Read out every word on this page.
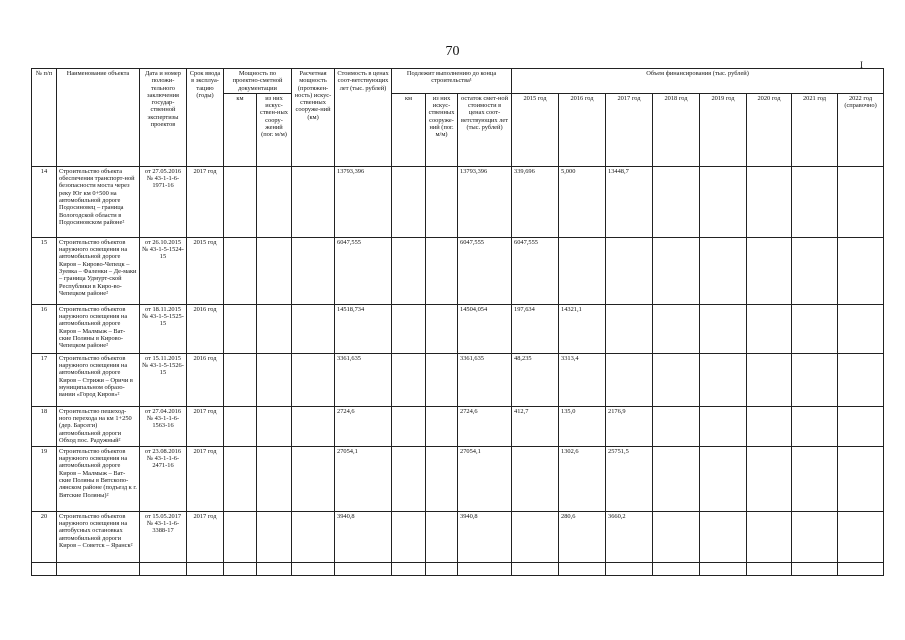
70
I
№ п/п	Наименование объекта	Дата и номер положи-тельного заключения государ-ственной экспертизы проектов	Срок ввода в эксплуа-тацию (годы)	Мощность по проектно-сметной документации		Расчетная мощность (протяжен-ность) искус-ственных сооруже-ний (км)	Стоимость в ценах соот-ветствующих лет (тыс. рублей)	Подлежит выполнению до конца строительства¹			Объем финансирования (тыс. рублей)							
				км	из них искус-ствен-ных соору-жений (пог. м/м)			км	из них искус-ственных сооруже-ний (пог. м/м)	остаток смет-ной стоимости в ценах соот-ветствующих лет (тыс. рублей)	2015 год	2016 год	2017 год	2018 год	2019 год	2020 год	2021 год	2022 год (справочно)
14	Строительство объекта обеспечения транспорт-ной безопасности моста через реку Юг км 0+500 на автомобильной дороге Подосиновец – граница Вологодской области в Подосиновском районе²	от 27.05.2016 № 43-1-1-6-1971-16	2017 год				13793,396			13793,396	339,696	5,000	13448,7					
15	Строительство объектов наружного освещения на автомобильной дороге Киров – Кирово-Чепецк – Зуевка – Фаленки – Де-маки – граница Удмурт-ской Республики в Киро-во-Чепецком районе²	от 26.10.2015 № 43-1-5-1524-15	2015 год				6047,555			6047,555	6047,555							
16	Строительство объектов наружного освещения на автомобильной дороге Киров – Малмыж – Ват-ские Поляны в Кирово-Чепецком районе²	от 18.11.2015 № 43-1-5-1525-15	2016 год				14518,734			14504,054	197,634	14321,1						
17	Строительство объектов наружного освещения на автомобильной дороге Киров – Стрижи – Оричи в муниципальном образо-вании «Город Киров»²	от 15.11.2015 № 43-1-5-1526-15	2016 год				3361,635			3361,635	48,235	3313,4						
18	Строительство пешеход-ного перехода на км 1+250 (дер. Барсеги) автомобильной дороги Обход пос. Радужный²	от 27.04.2016 № 43-1-1-6-1563-16	2017 год				2724,6			2724,6	412,7	135,0	2176,9					
19	Строительство объектов наружного освещения на автомобильной дороге Киров – Малмыж – Ват-ские Поляны в Вятскопо-лянском районе (подъезд к г. Вятские Поляны)²	от 23.08.2016 № 43-1-1-6-2471-16	2017 год				27054,1			27054,1		1302,6	25751,5					
20	Строительство объектов наружного освещения на автобусных остановках автомобильной дороги Киров – Советск – Яранск²	от 15.05.2017 № 43-1-1-6-3388-17	2017 год				3940,8			3940,8		280,6	3660,2					
